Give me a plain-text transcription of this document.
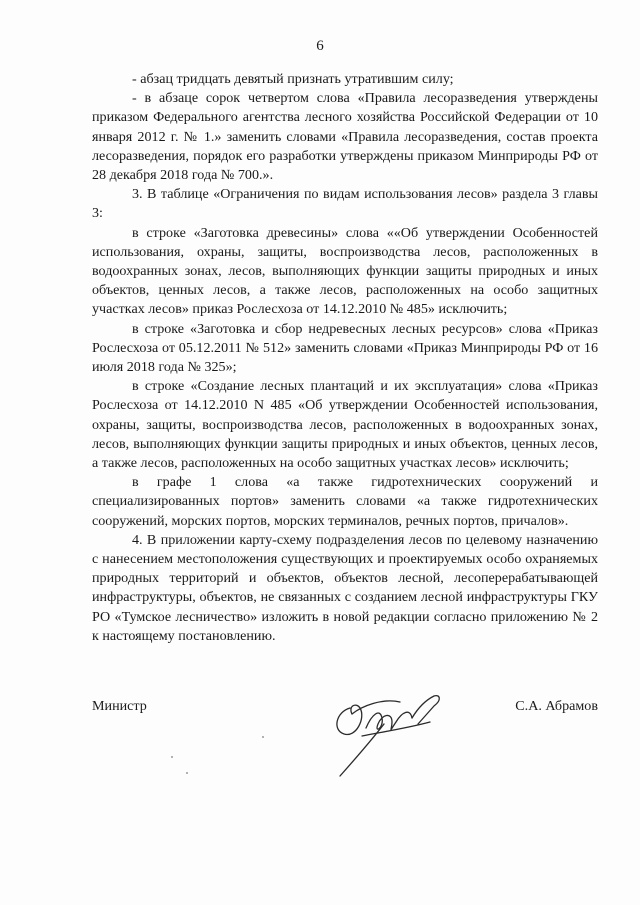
6

- абзац тридцать девятый признать утратившим силу;

- в абзаце сорок четвертом слова «Правила лесоразведения утверждены приказом Федерального агентства лесного хозяйства Российской Федерации от 10 января 2012 г. № 1.» заменить словами «Правила лесоразведения, состав проекта лесоразведения, порядок его разработки утверждены приказом Минприроды РФ от 28 декабря 2018 года № 700.».

3. В таблице «Ограничения по видам использования лесов» раздела 3 главы 3:

в строке «Заготовка древесины» слова ««Об утверждении Особенностей использования, охраны, защиты, воспроизводства лесов, расположенных в водоохранных зонах, лесов, выполняющих функции защиты природных и иных объектов, ценных лесов, а также лесов, расположенных на особо защитных участках лесов» приказ Рослесхоза от 14.12.2010 № 485» исключить;

в строке «Заготовка и сбор недревесных лесных ресурсов» слова «Приказ Рослесхоза от 05.12.2011 № 512» заменить словами «Приказ Минприроды РФ от 16 июля 2018 года № 325»;

в строке «Создание лесных плантаций и их эксплуатация» слова «Приказ Рослесхоза от 14.12.2010 N 485 «Об утверждении Особенностей использования, охраны, защиты, воспроизводства лесов, расположенных в водоохранных зонах, лесов, выполняющих функции защиты природных и иных объектов, ценных лесов, а также лесов, расположенных на особо защитных участках лесов» исключить;

в графе 1 слова «а также гидротехнических сооружений и специализированных портов» заменить словами «а также гидротехнических сооружений, морских портов, морских терминалов, речных портов, причалов».

4. В приложении карту-схему подразделения лесов по целевому назначению с нанесением местоположения существующих и проектируемых особо охраняемых природных территорий и объектов, объектов лесной, лесоперерабатывающей инфраструктуры, объектов, не связанных с созданием лесной инфраструктуры ГКУ РО «Тумское лесничество» изложить в новой редакции согласно приложению № 2 к настоящему постановлению.

Министр	С.А. Абрамов
